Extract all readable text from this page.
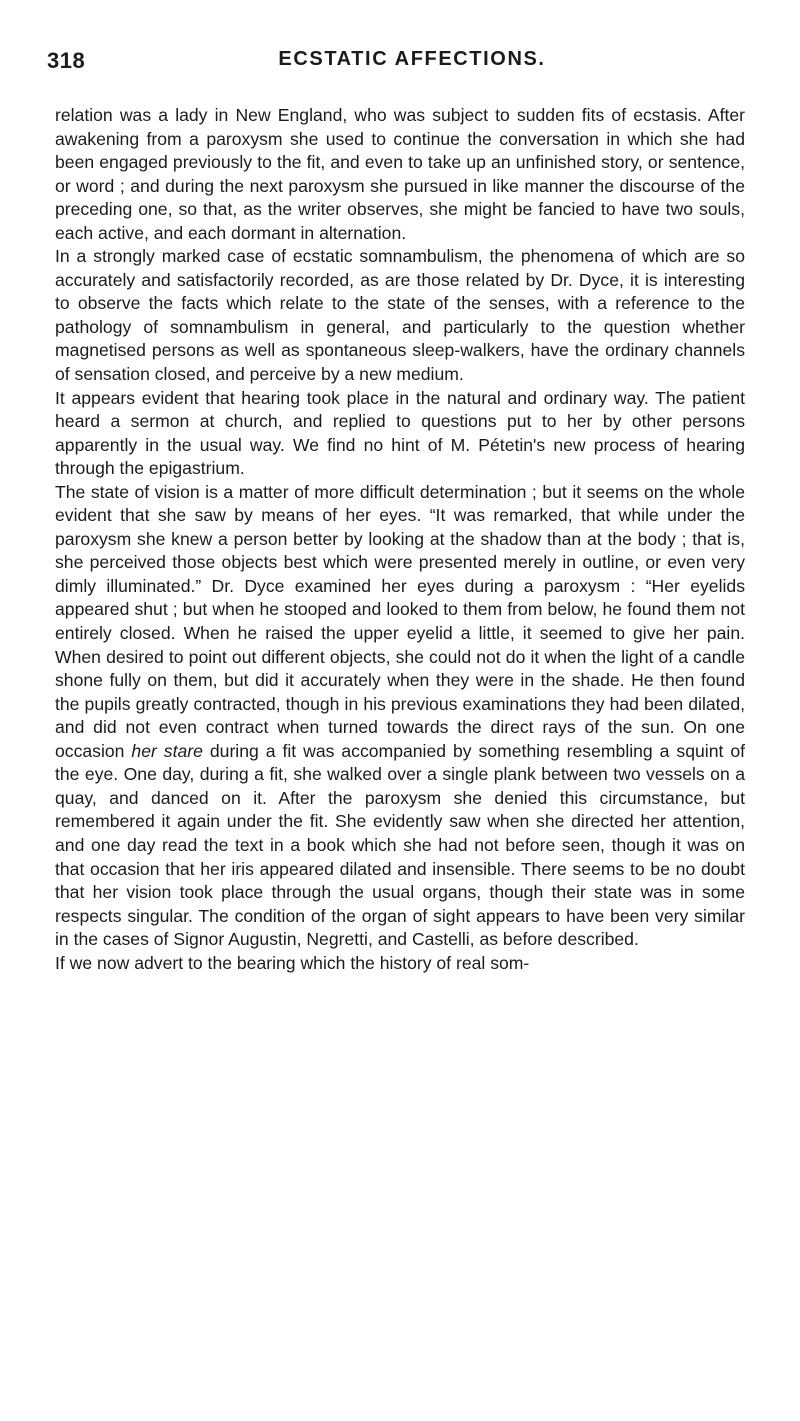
318	ECSTATIC AFFECTIONS.

relation was a lady in New England, who was subject to sudden fits of ecstasis. After awakening from a paroxysm she used to continue the conversation in which she had been engaged previously to the fit, and even to take up an unfinished story, or sentence, or word ; and during the next paroxysm she pursued in like manner the discourse of the preceding one, so that, as the writer observes, she might be fancied to have two souls, each active, and each dormant in alternation.

In a strongly marked case of ecstatic somnambulism, the phenomena of which are so accurately and satisfactorily recorded, as are those related by Dr. Dyce, it is interesting to observe the facts which relate to the state of the senses, with a reference to the pathology of somnambulism in general, and particularly to the question whether magnetised persons as well as spontaneous sleep-walkers, have the ordinary channels of sensation closed, and perceive by a new medium.

It appears evident that hearing took place in the natural and ordinary way. The patient heard a sermon at church, and replied to questions put to her by other persons apparently in the usual way. We find no hint of M. Pétetin's new process of hearing through the epigastrium.

The state of vision is a matter of more difficult determination ; but it seems on the whole evident that she saw by means of her eyes. “It was remarked, that while under the paroxysm she knew a person better by looking at the shadow than at the body ; that is, she perceived those objects best which were presented merely in outline, or even very dimly illuminated.” Dr. Dyce examined her eyes during a paroxysm : “Her eyelids appeared shut ; but when he stooped and looked to them from below, he found them not entirely closed. When he raised the upper eyelid a little, it seemed to give her pain. When desired to point out different objects, she could not do it when the light of a candle shone fully on them, but did it accurately when they were in the shade. He then found the pupils greatly contracted, though in his previous examinations they had been dilated, and did not even contract when turned towards the direct rays of the sun. On one occasion her stare during a fit was accompanied by something resembling a squint of the eye. One day, during a fit, she walked over a single plank between two vessels on a quay, and danced on it. After the paroxysm she denied this circumstance, but remembered it again under the fit. She evidently saw when she directed her attention, and one day read the text in a book which she had not before seen, though it was on that occasion that her iris appeared dilated and insensible. There seems to be no doubt that her vision took place through the usual organs, though their state was in some respects singular. The condition of the organ of sight appears to have been very similar in the cases of Signor Augustin, Negretti, and Castelli, as before described.

If we now advert to the bearing which the history of real som-
